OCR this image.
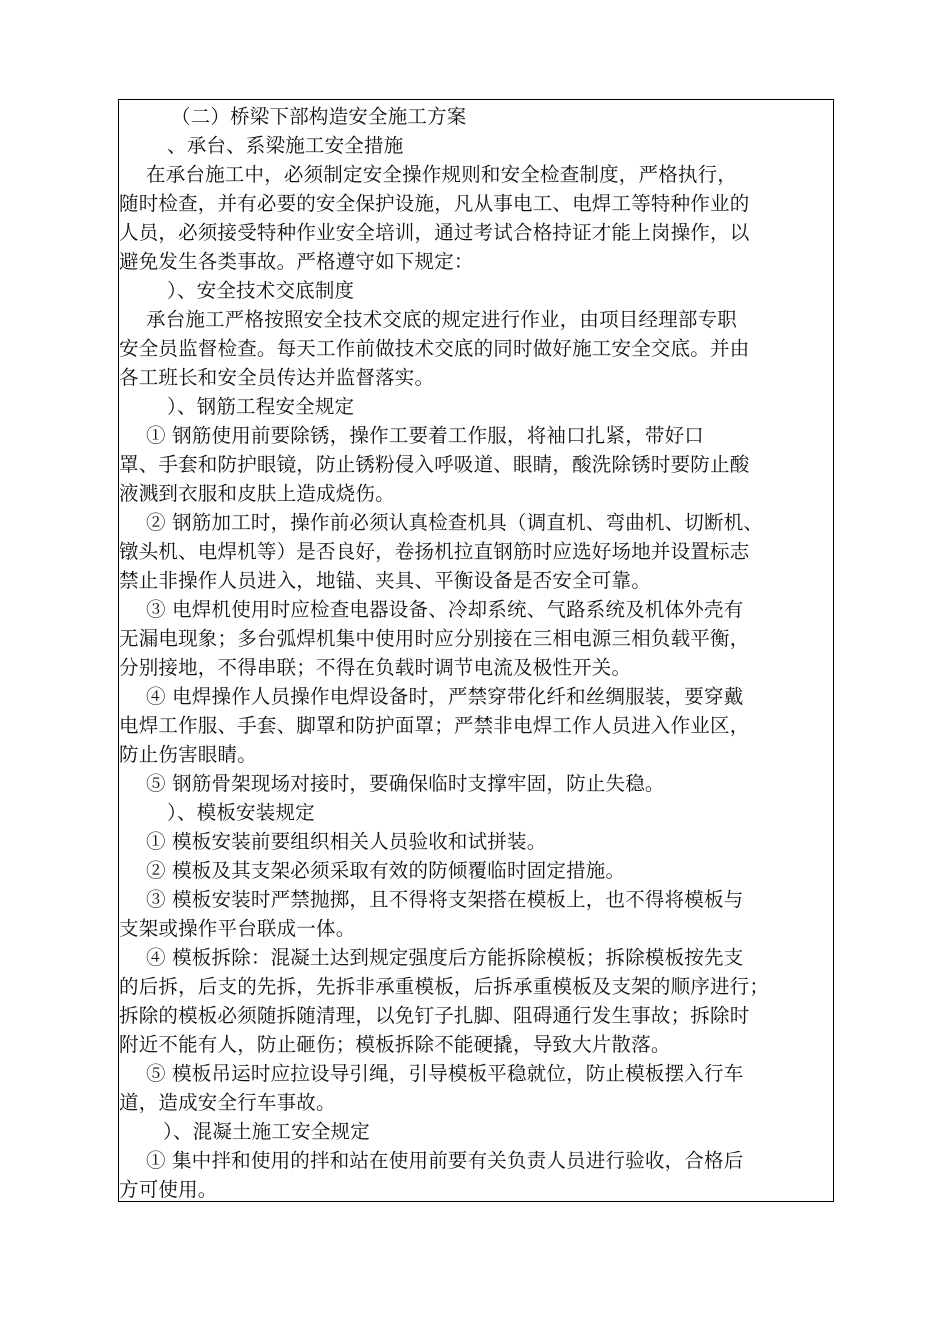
（二）桥梁下部构造安全施工方案
、承台、系梁施工安全措施
在承台施工中，必须制定安全操作规则和安全检查制度，严格执行，
随时检查，并有必要的安全保护设施，凡从事电工、电焊工等特种作业的
人员，必须接受特种作业安全培训，通过考试合格持证才能上岗操作，以
避免发生各类事故。严格遵守如下规定：
）、安全技术交底制度
承台施工严格按照安全技术交底的规定进行作业，由项目经理部专职
安全员监督检查。每天工作前做技术交底的同时做好施工安全交底。并由
各工班长和安全员传达并监督落实。
）、钢筋工程安全规定
① 钢筋使用前要除锈，操作工要着工作服，将袖口扎紧，带好口
罩、手套和防护眼镜，防止锈粉侵入呼吸道、眼睛，酸洗除锈时要防止酸
液溅到衣服和皮肤上造成烧伤。
② 钢筋加工时，操作前必须认真检查机具（调直机、弯曲机、切断机、
镦头机、电焊机等）是否良好，卷扬机拉直钢筋时应选好场地并设置标志
禁止非操作人员进入，地锚、夹具、平衡设备是否安全可靠。
③ 电焊机使用时应检查电器设备、冷却系统、气路系统及机体外壳有
无漏电现象；多台弧焊机集中使用时应分别接在三相电源三相负载平衡，
分别接地，不得串联；不得在负载时调节电流及极性开关。
④ 电焊操作人员操作电焊设备时，严禁穿带化纤和丝绸服装，要穿戴
电焊工作服、手套、脚罩和防护面罩；严禁非电焊工作人员进入作业区，
防止伤害眼睛。
⑤ 钢筋骨架现场对接时，要确保临时支撑牢固，防止失稳。
）、模板安装规定
① 模板安装前要组织相关人员验收和试拼装。
② 模板及其支架必须采取有效的防倾覆临时固定措施。
③ 模板安装时严禁抛掷，且不得将支架搭在模板上，也不得将模板与
支架或操作平台联成一体。
④ 模板拆除：混凝土达到规定强度后方能拆除模板；拆除模板按先支
的后拆，后支的先拆，先拆非承重模板，后拆承重模板及支架的顺序进行；
拆除的模板必须随拆随清理，以免钉子扎脚、阻碍通行发生事故；拆除时
附近不能有人，防止砸伤；模板拆除不能硬撬，导致大片散落。
⑤ 模板吊运时应拉设导引绳，引导模板平稳就位，防止模板摆入行车
道，造成安全行车事故。
）、混凝土施工安全规定
① 集中拌和使用的拌和站在使用前要有关负责人员进行验收，合格后
方可使用。
